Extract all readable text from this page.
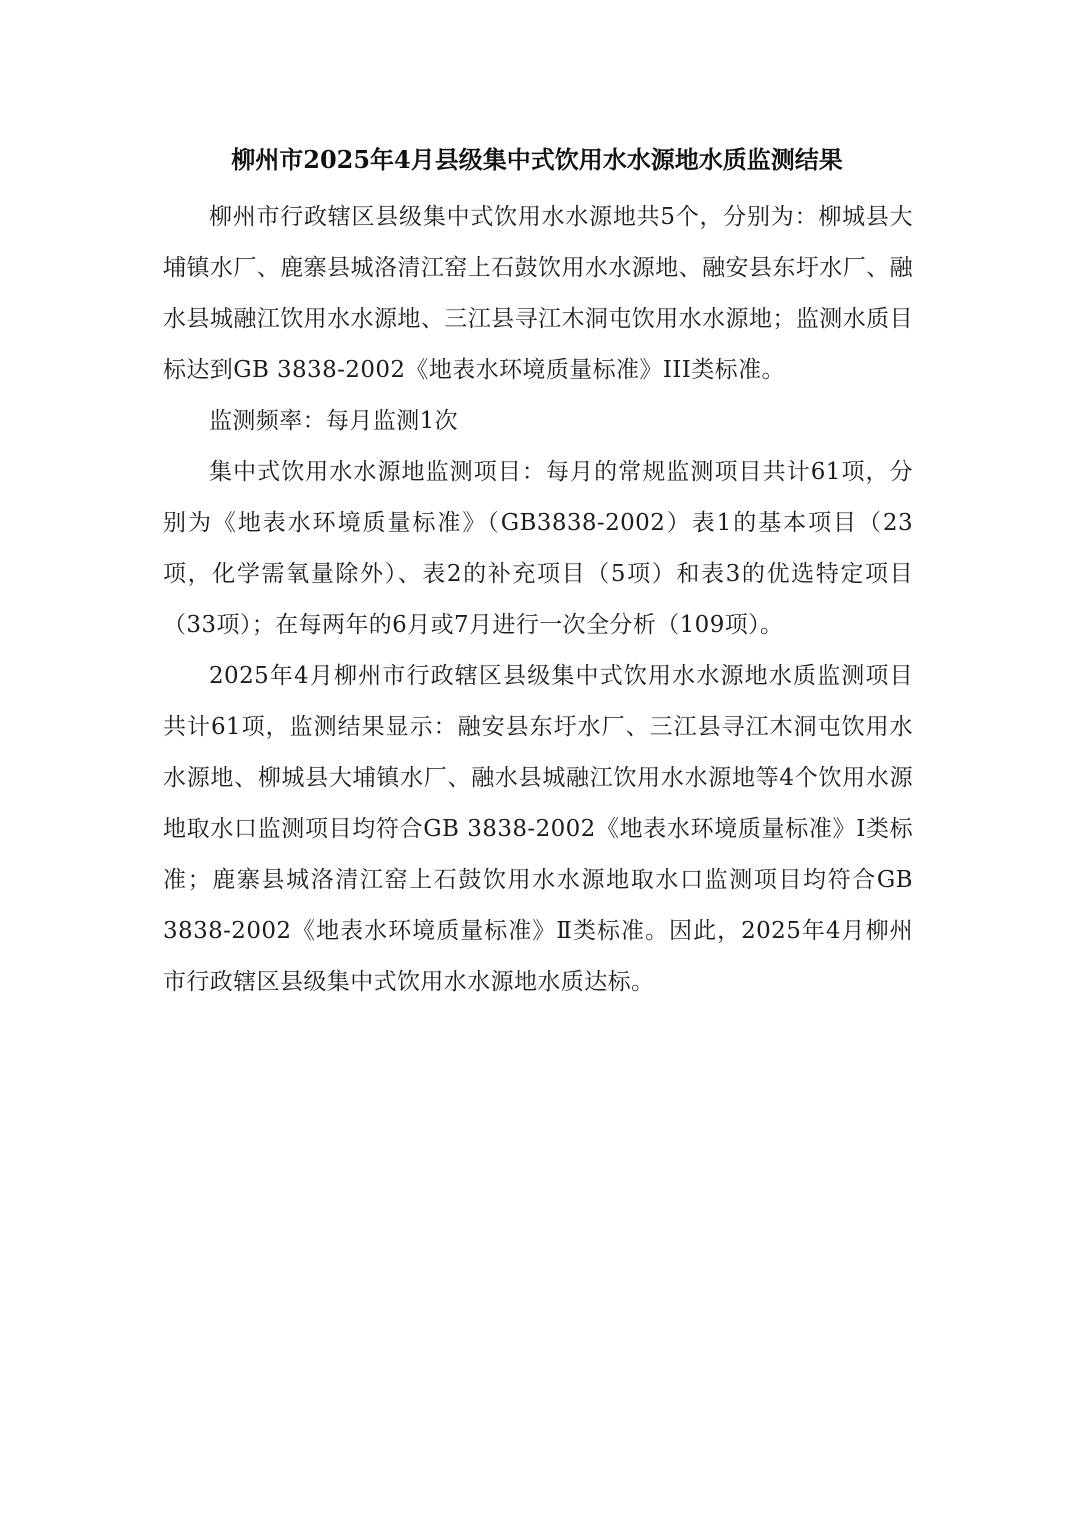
柳州市2025年4月县级集中式饮用水水源地水质监测结果

柳州市行政辖区县级集中式饮用水水源地共5个，分别为：柳城县大埔镇水厂、鹿寨县城洛清江窑上石鼓饮用水水源地、融安县东圩水厂、融水县城融江饮用水水源地、三江县寻江木洞屯饮用水水源地；监测水质目标达到GB 3838-2002《地表水环境质量标准》III类标准。

监测频率：每月监测1次

集中式饮用水水源地监测项目：每月的常规监测项目共计61项，分别为《地表水环境质量标准》（GB3838-2002）表1的基本项目（23项，化学需氧量除外）、表2的补充项目（5项）和表3的优选特定项目（33项）；在每两年的6月或7月进行一次全分析（109项）。

2025年4月柳州市行政辖区县级集中式饮用水水源地水质监测项目共计61项，监测结果显示：融安县东圩水厂、三江县寻江木洞屯饮用水水源地、柳城县大埔镇水厂、融水县城融江饮用水水源地等4个饮用水源地取水口监测项目均符合GB 3838-2002《地表水环境质量标准》Ⅰ类标准；鹿寨县城洛清江窑上石鼓饮用水水源地取水口监测项目均符合GB 3838-2002《地表水环境质量标准》Ⅱ类标准。因此，2025年4月柳州市行政辖区县级集中式饮用水水源地水质达标。
